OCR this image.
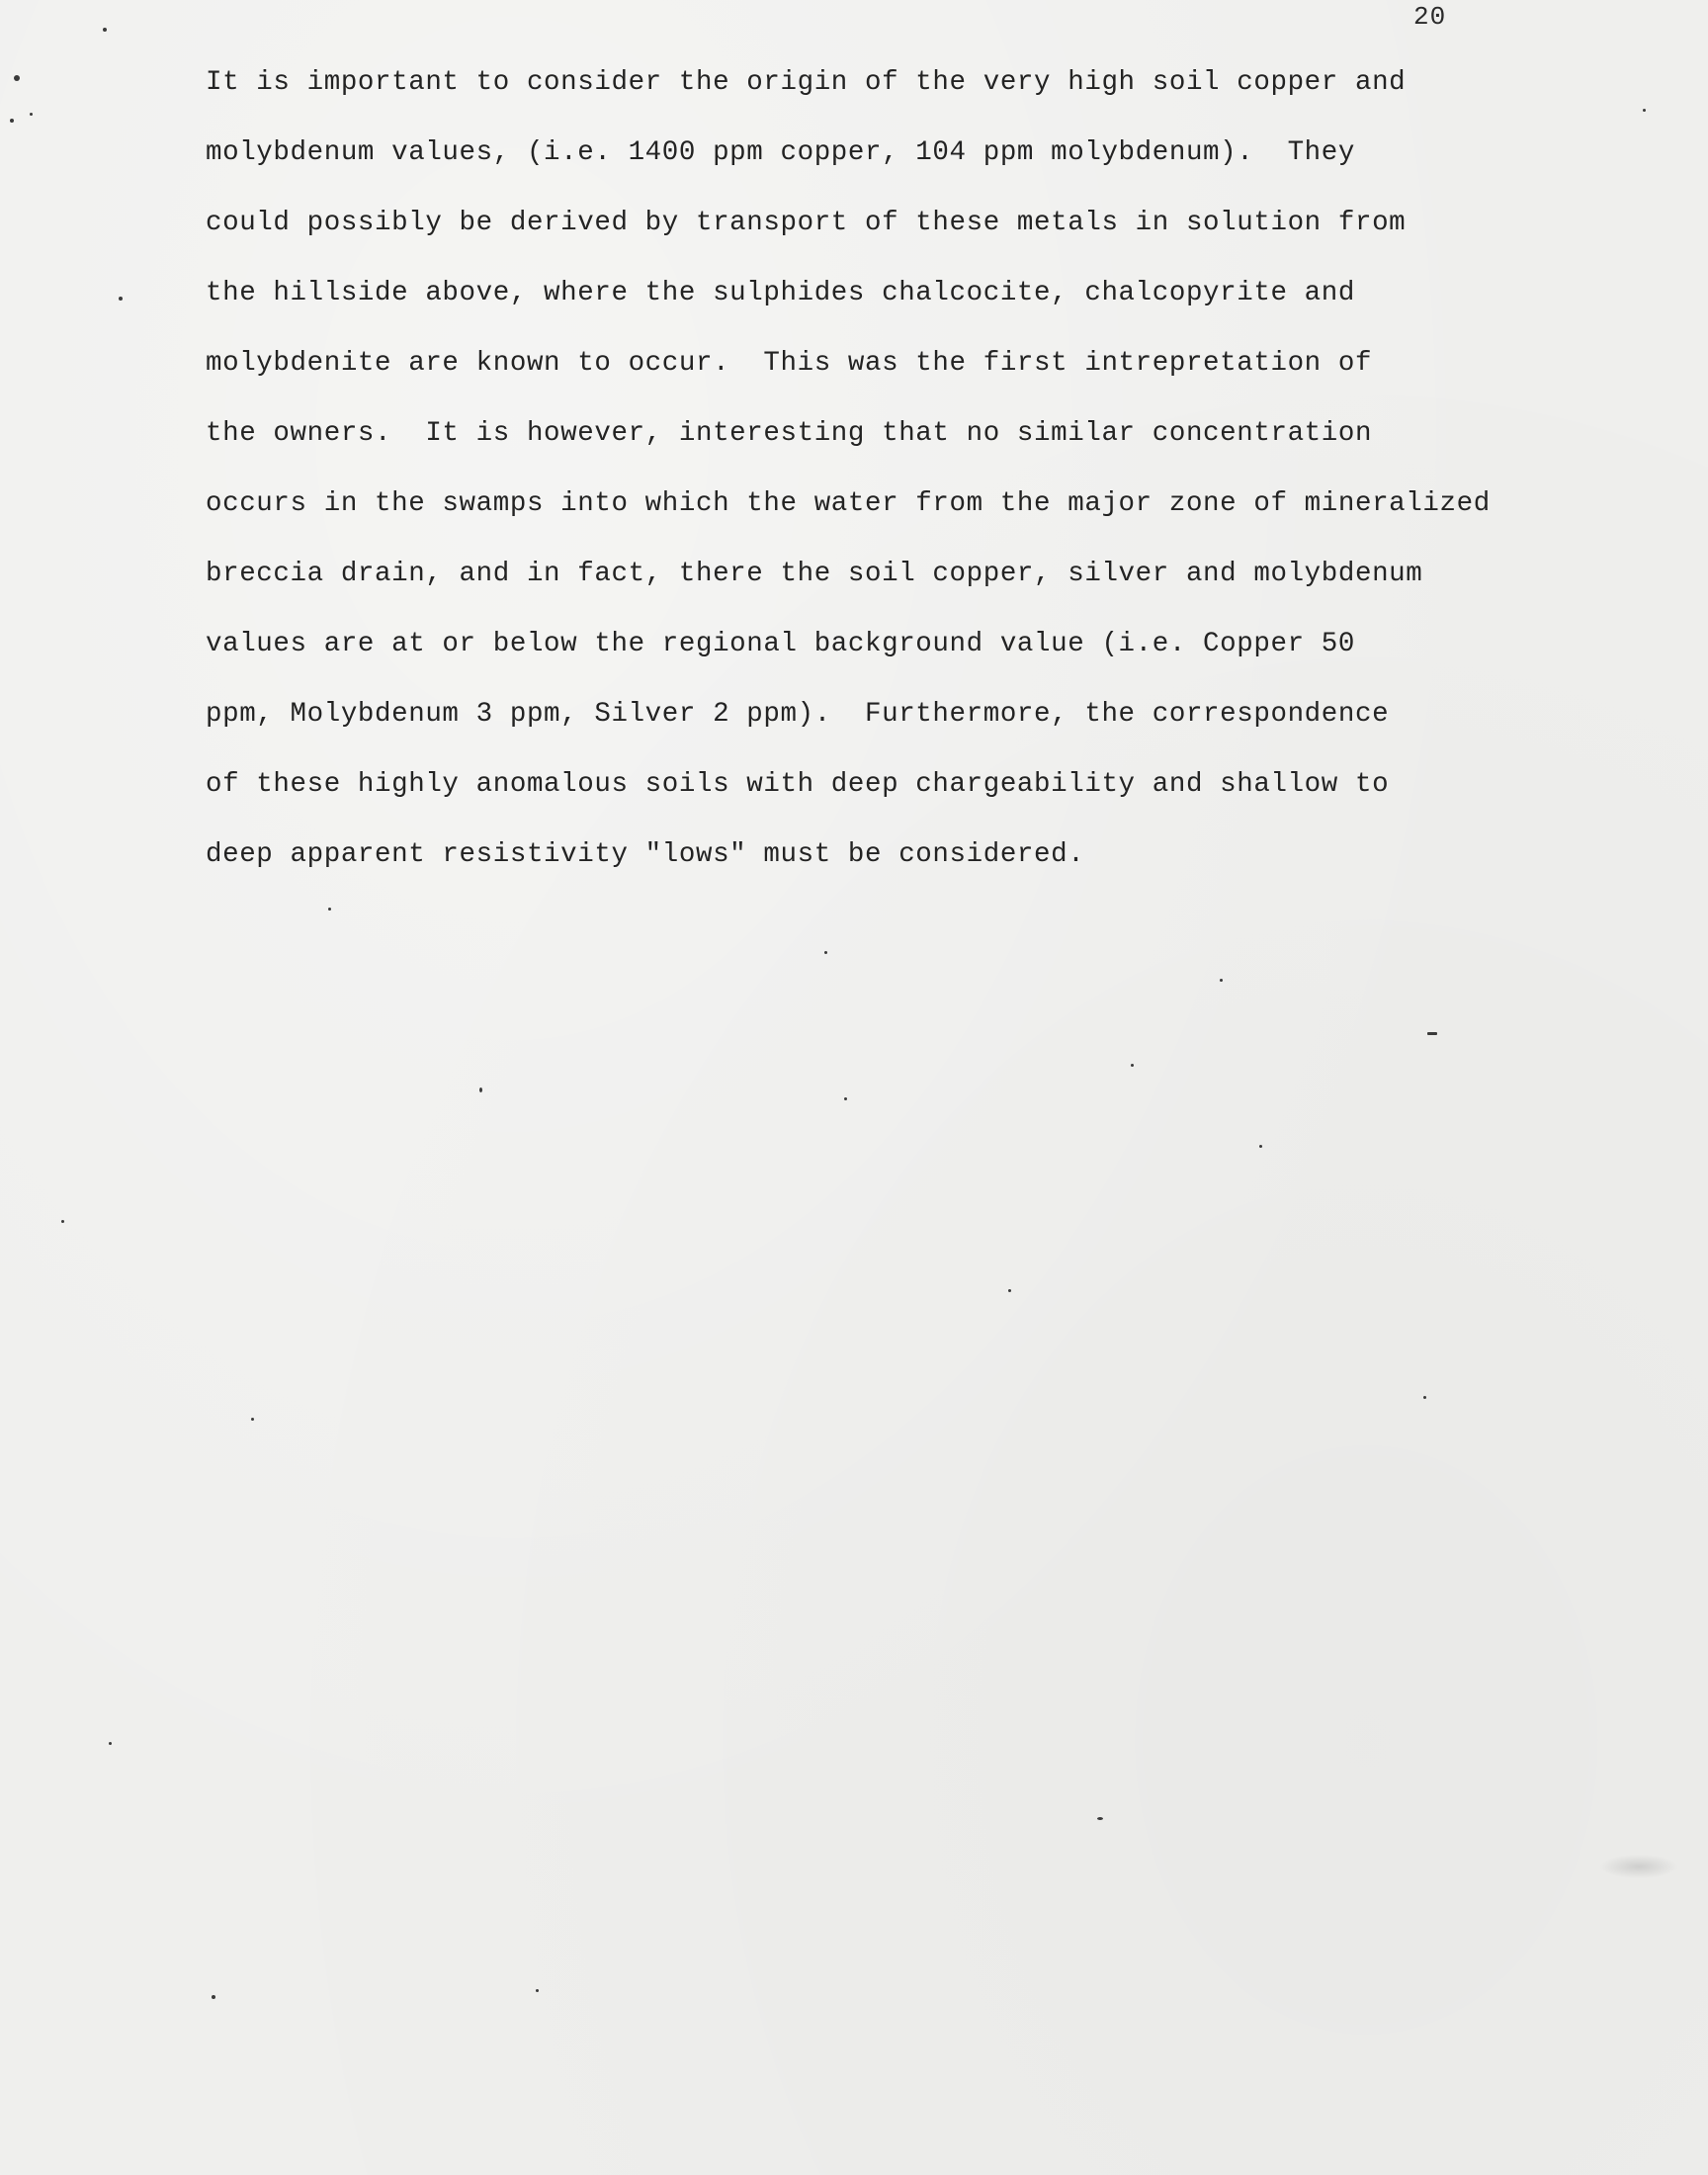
20
It is important to consider the origin of the very high soil copper and
molybdenum values, (i.e. 1400 ppm copper, 104 ppm molybdenum).  They
could possibly be derived by transport of these metals in solution from
the hillside above, where the sulphides chalcocite, chalcopyrite and
molybdenite are known to occur.  This was the first intrepretation of
the owners.  It is however, interesting that no similar concentration
occurs in the swamps into which the water from the major zone of mineralized
breccia drain, and in fact, there the soil copper, silver and molybdenum
values are at or below the regional background value (i.e. Copper 50
ppm, Molybdenum 3 ppm, Silver 2 ppm).  Furthermore, the correspondence
of these highly anomalous soils with deep chargeability and shallow to
deep apparent resistivity "lows" must be considered.
